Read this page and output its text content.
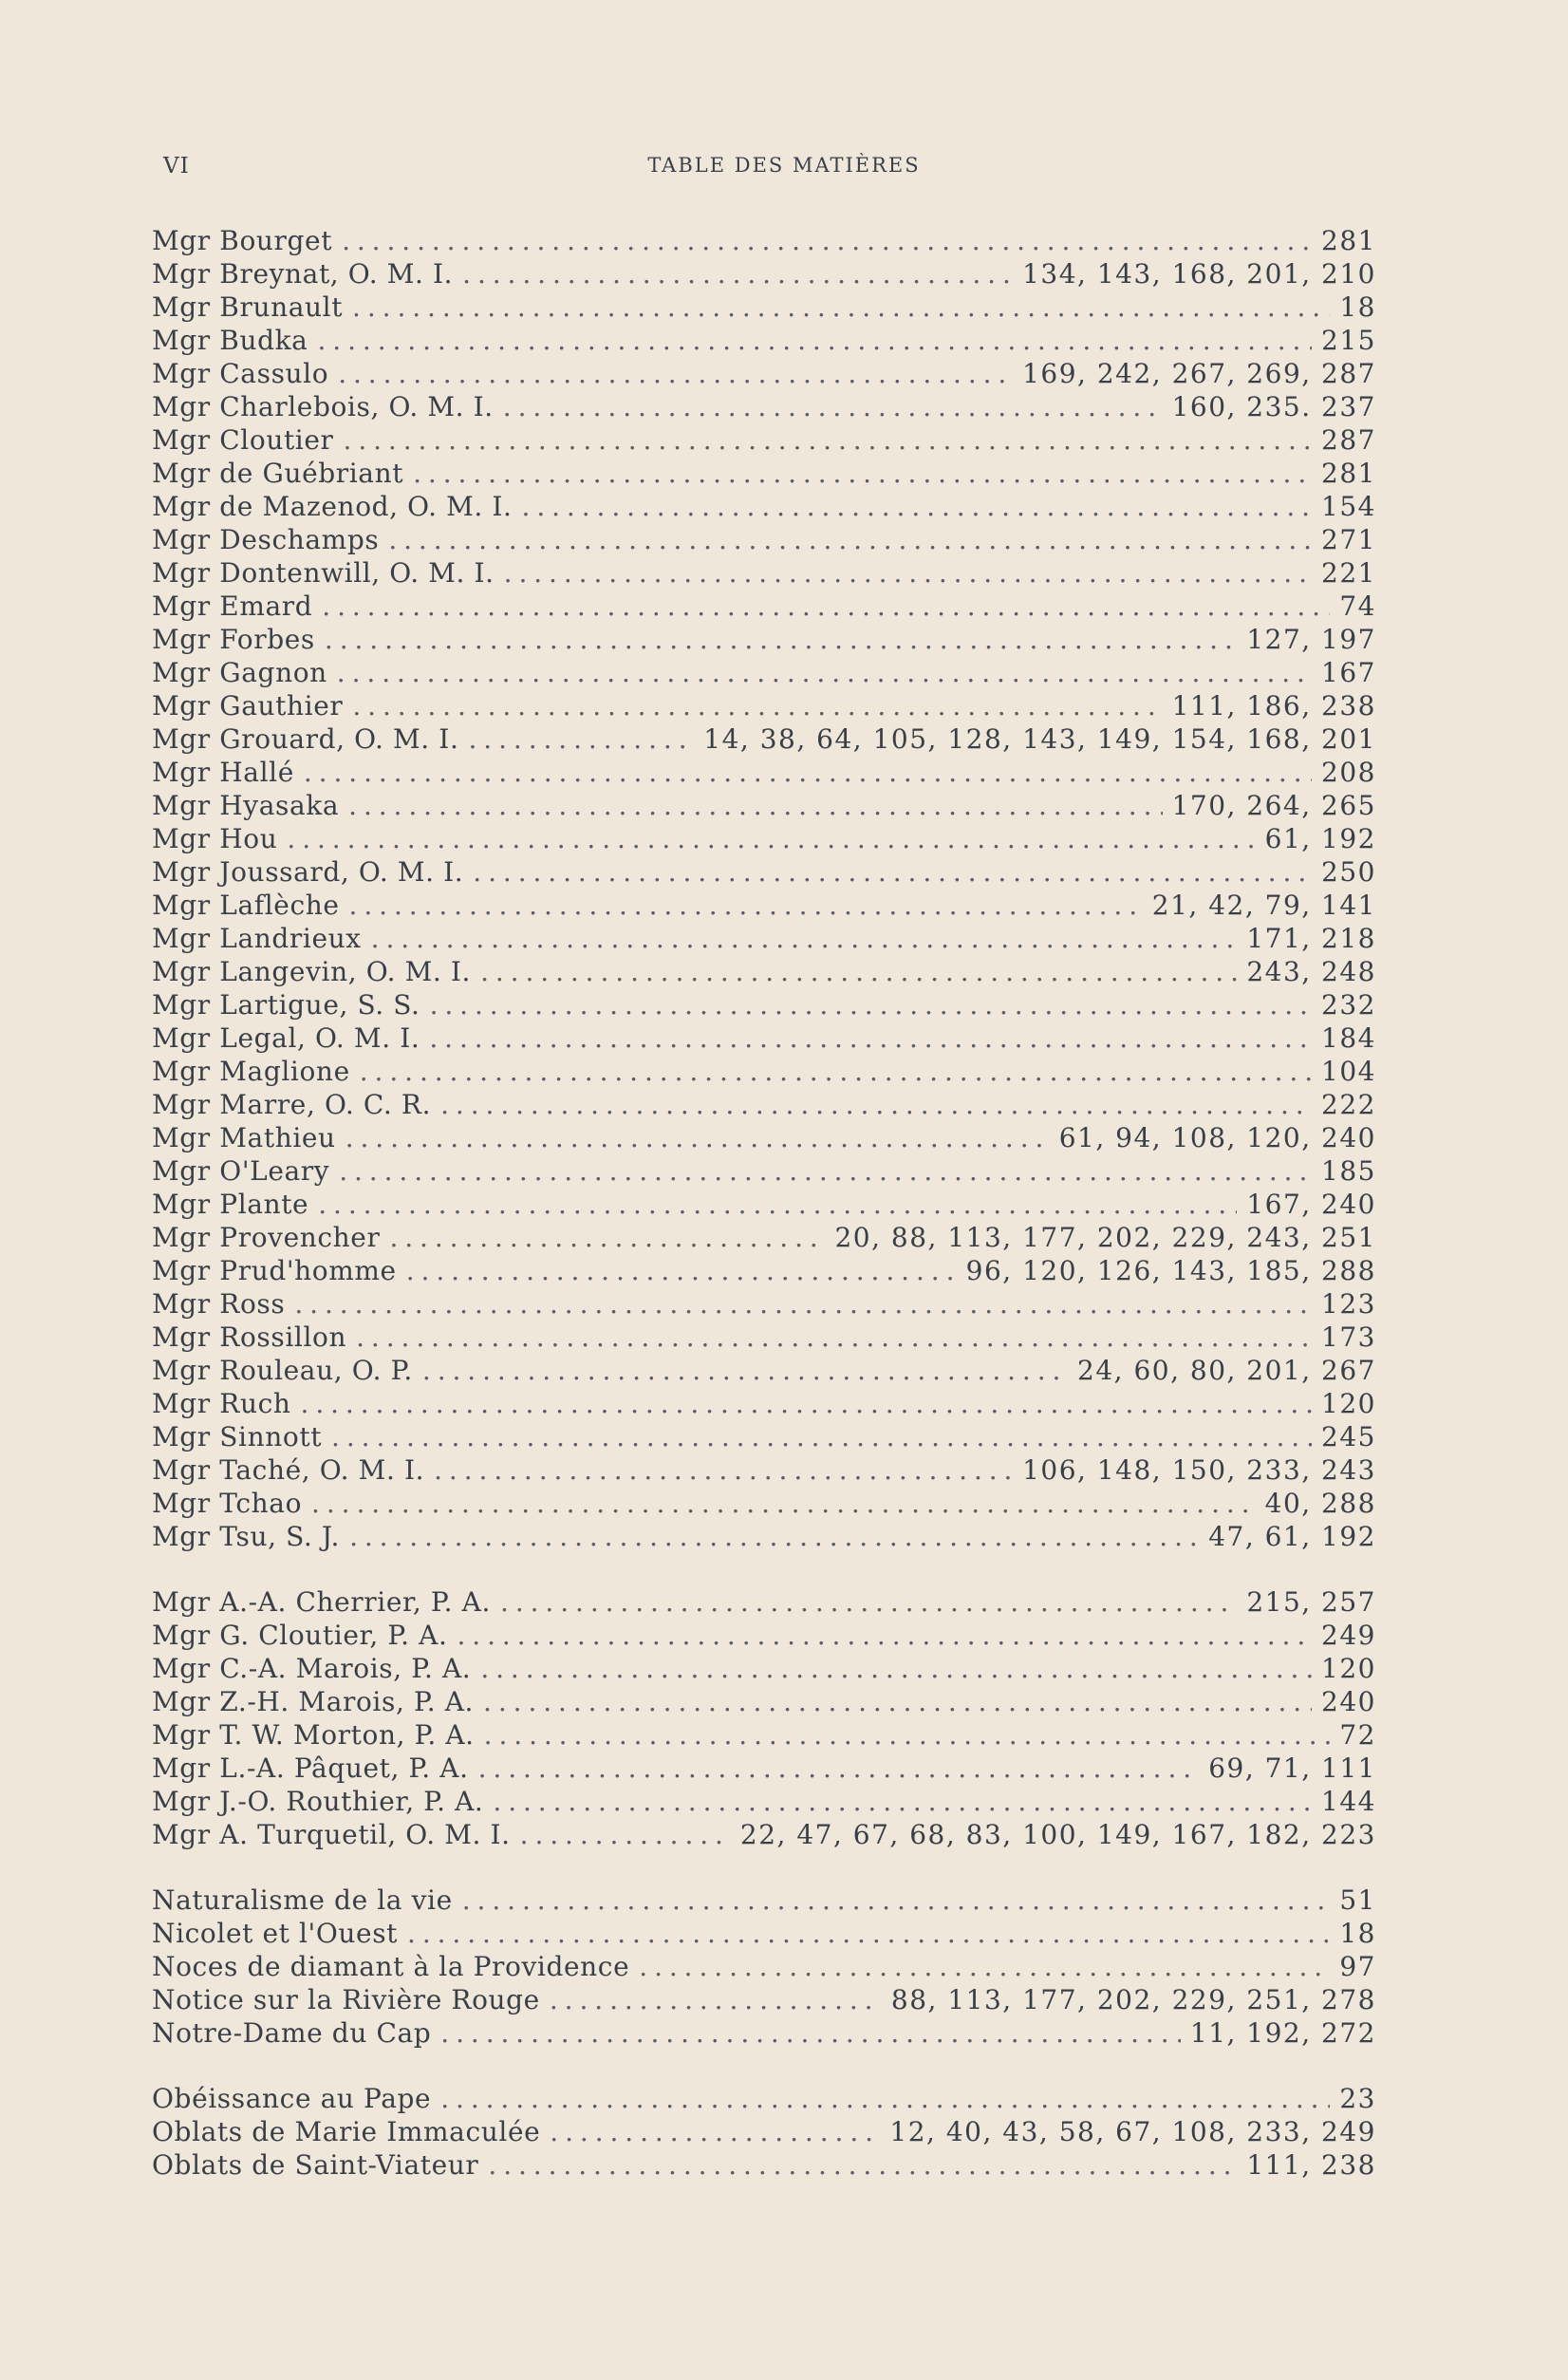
VI	TABLE DES MATIÈRES
Mgr Bourget . . .	281
Mgr Breynat, O. M. I. . . .	134, 143, 168, 201, 210
Mgr Brunault . . .	18
Mgr Budka . . .	215
Mgr Cassulo . . .	169, 242, 267, 269, 287
Mgr Charlebois, O. M. I. . . .	160, 235. 237
Mgr Cloutier . . .	287
Mgr de Guébriant . . .	281
Mgr de Mazenod, O. M. I. . . .	154
Mgr Deschamps . . .	271
Mgr Dontenwill, O. M. I. . . .	221
Mgr Emard . . .	74
Mgr Forbes . . .	127, 197
Mgr Gagnon . . .	167
Mgr Gauthier . . .	111, 186, 238
Mgr Grouard, O. M. I. . . .	14, 38, 64, 105, 128, 143, 149, 154, 168, 201
Mgr Hallé . . .	208
Mgr Hyasaka . . .	170, 264, 265
Mgr Hou . . .	61, 192
Mgr Joussard, O. M. I. . . .	250
Mgr Laflèche . . .	21, 42, 79, 141
Mgr Landrieux . . .	171, 218
Mgr Langevin, O. M. I. . . .	243, 248
Mgr Lartigue, S. S. . . .	232
Mgr Legal, O. M. I. . . .	184
Mgr Maglione . . .	104
Mgr Marre, O. C. R. . . .	222
Mgr Mathieu . . .	61, 94, 108, 120, 240
Mgr O'Leary . . .	185
Mgr Plante . . .	167, 240
Mgr Provencher . . .	20, 88, 113, 177, 202, 229, 243, 251
Mgr Prud'homme . . .	96, 120, 126, 143, 185, 288
Mgr Ross . . .	123
Mgr Rossillon . . .	173
Mgr Rouleau, O. P. . . .	24, 60, 80, 201, 267
Mgr Ruch . . .	120
Mgr Sinnott . . .	245
Mgr Taché, O. M. I. . . .	106, 148, 150, 233, 243
Mgr Tchao . . .	40, 288
Mgr Tsu, S. J. . . .	47, 61, 192
Mgr A.-A. Cherrier, P. A. . . .	215, 257
Mgr G. Cloutier, P. A. . . .	249
Mgr C.-A. Marois, P. A. . . .	120
Mgr Z.-H. Marois, P. A. . . .	240
Mgr T. W. Morton, P. A. . . .	72
Mgr L.-A. Pâquet, P. A. . . .	69, 71, 111
Mgr J.-O. Routhier, P. A. . . .	144
Mgr A. Turquetil, O. M. I. . . .	22, 47, 67, 68, 83, 100, 149, 167, 182, 223
Naturalisme de la vie . . .	51
Nicolet et l'Ouest . . .	18
Noces de diamant à la Providence . . .	97
Notice sur la Rivière Rouge . . .	88, 113, 177, 202, 229, 251, 278
Notre-Dame du Cap . . .	11, 192, 272
Obéissance au Pape . . .	23
Oblats de Marie Immaculée . . .	12, 40, 43, 58, 67, 108, 233, 249
Oblats de Saint-Viateur . . .	111, 238
